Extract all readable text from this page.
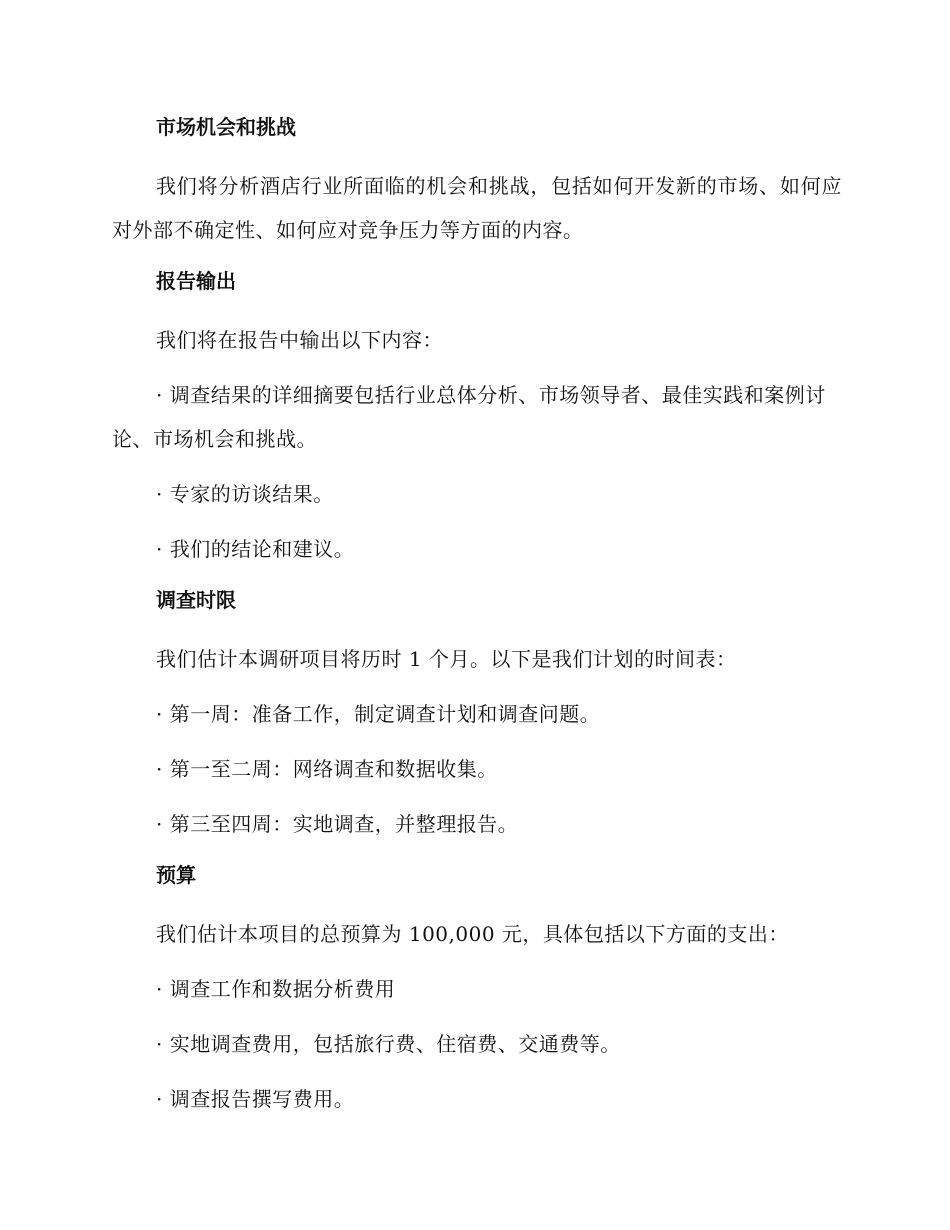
市场机会和挑战
我们将分析酒店行业所面临的机会和挑战，包括如何开发新的市场、如何应对外部不确定性、如何应对竞争压力等方面的内容。
报告输出
我们将在报告中输出以下内容：
· 调查结果的详细摘要包括行业总体分析、市场领导者、最佳实践和案例讨论、市场机会和挑战。
· 专家的访谈结果。
· 我们的结论和建议。
调查时限
我们估计本调研项目将历时 1 个月。以下是我们计划的时间表：
· 第一周：准备工作，制定调查计划和调查问题。
· 第一至二周：网络调查和数据收集。
· 第三至四周：实地调查，并整理报告。
预算
我们估计本项目的总预算为 100,000 元，具体包括以下方面的支出：
· 调查工作和数据分析费用
· 实地调查费用，包括旅行费、住宿费、交通费等。
· 调查报告撰写费用。
